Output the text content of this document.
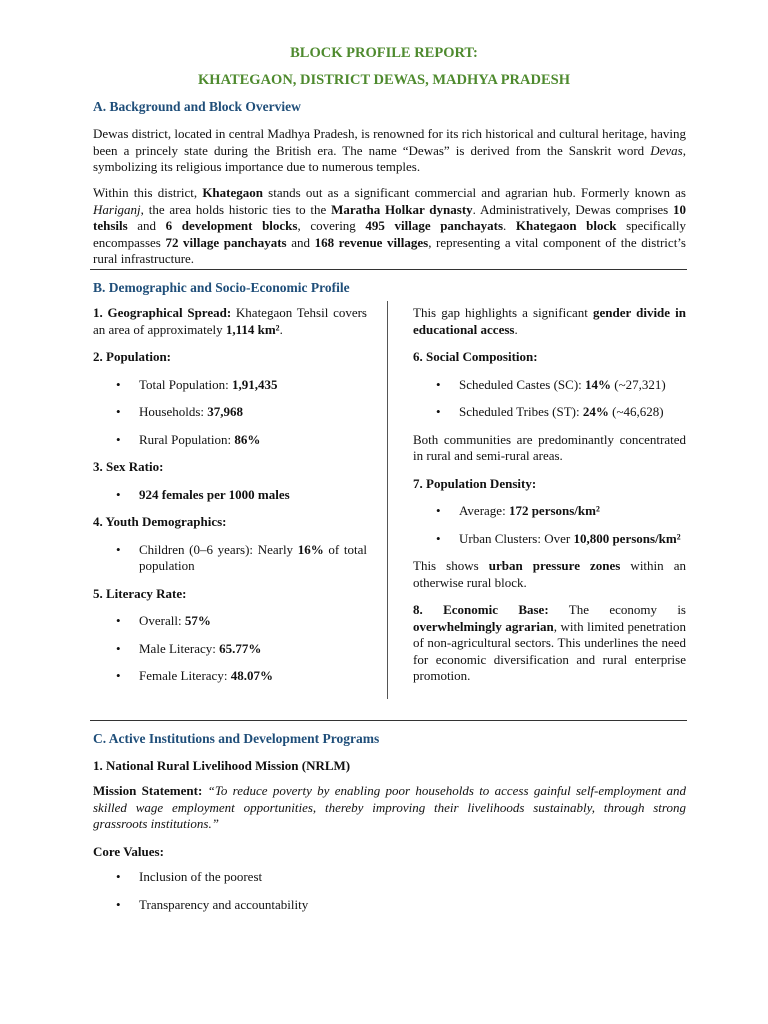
BLOCK PROFILE REPORT:

KHATEGAON, DISTRICT DEWAS, MADHYA PRADESH

A. Background and Block Overview

Dewas district, located in central Madhya Pradesh, is renowned for its rich historical and cultural heritage, having been a princely state during the British era. The name “Dewas” is derived from the Sanskrit word Devas, symbolizing its religious importance due to numerous temples.

Within this district, Khategaon stands out as a significant commercial and agrarian hub. Formerly known as Hariganj, the area holds historic ties to the Maratha Holkar dynasty. Administratively, Dewas comprises 10 tehsils and 6 development blocks, covering 495 village panchayats. Khategaon block specifically encompasses 72 village panchayats and 168 revenue villages, representing a vital component of the district’s rural infrastructure.

B. Demographic and Socio-Economic Profile

1. Geographical Spread: Khategaon Tehsil covers an area of approximately 1,114 km².

2. Population:

• Total Population: 1,91,435
• Households: 37,968
• Rural Population: 86%

3. Sex Ratio:

• 924 females per 1000 males

4. Youth Demographics:

• Children (0–6 years): Nearly 16% of total population

5. Literacy Rate:

• Overall: 57%
• Male Literacy: 65.77%
• Female Literacy: 48.07%

This gap highlights a significant gender divide in educational access.

6. Social Composition:

• Scheduled Castes (SC): 14% (~27,321)
• Scheduled Tribes (ST): 24% (~46,628)

Both communities are predominantly concentrated in rural and semi-rural areas.

7. Population Density:

• Average: 172 persons/km²
• Urban Clusters: Over 10,800 persons/km²

This shows urban pressure zones within an otherwise rural block.

8. Economic Base: The economy is overwhelmingly agrarian, with limited penetration of non-agricultural sectors. This underlines the need for economic diversification and rural enterprise promotion.

C. Active Institutions and Development Programs

1. National Rural Livelihood Mission (NRLM)

Mission Statement: “To reduce poverty by enabling poor households to access gainful self-employment and skilled wage employment opportunities, thereby improving their livelihoods sustainably, through strong grassroots institutions.”

Core Values:

• Inclusion of the poorest
• Transparency and accountability
